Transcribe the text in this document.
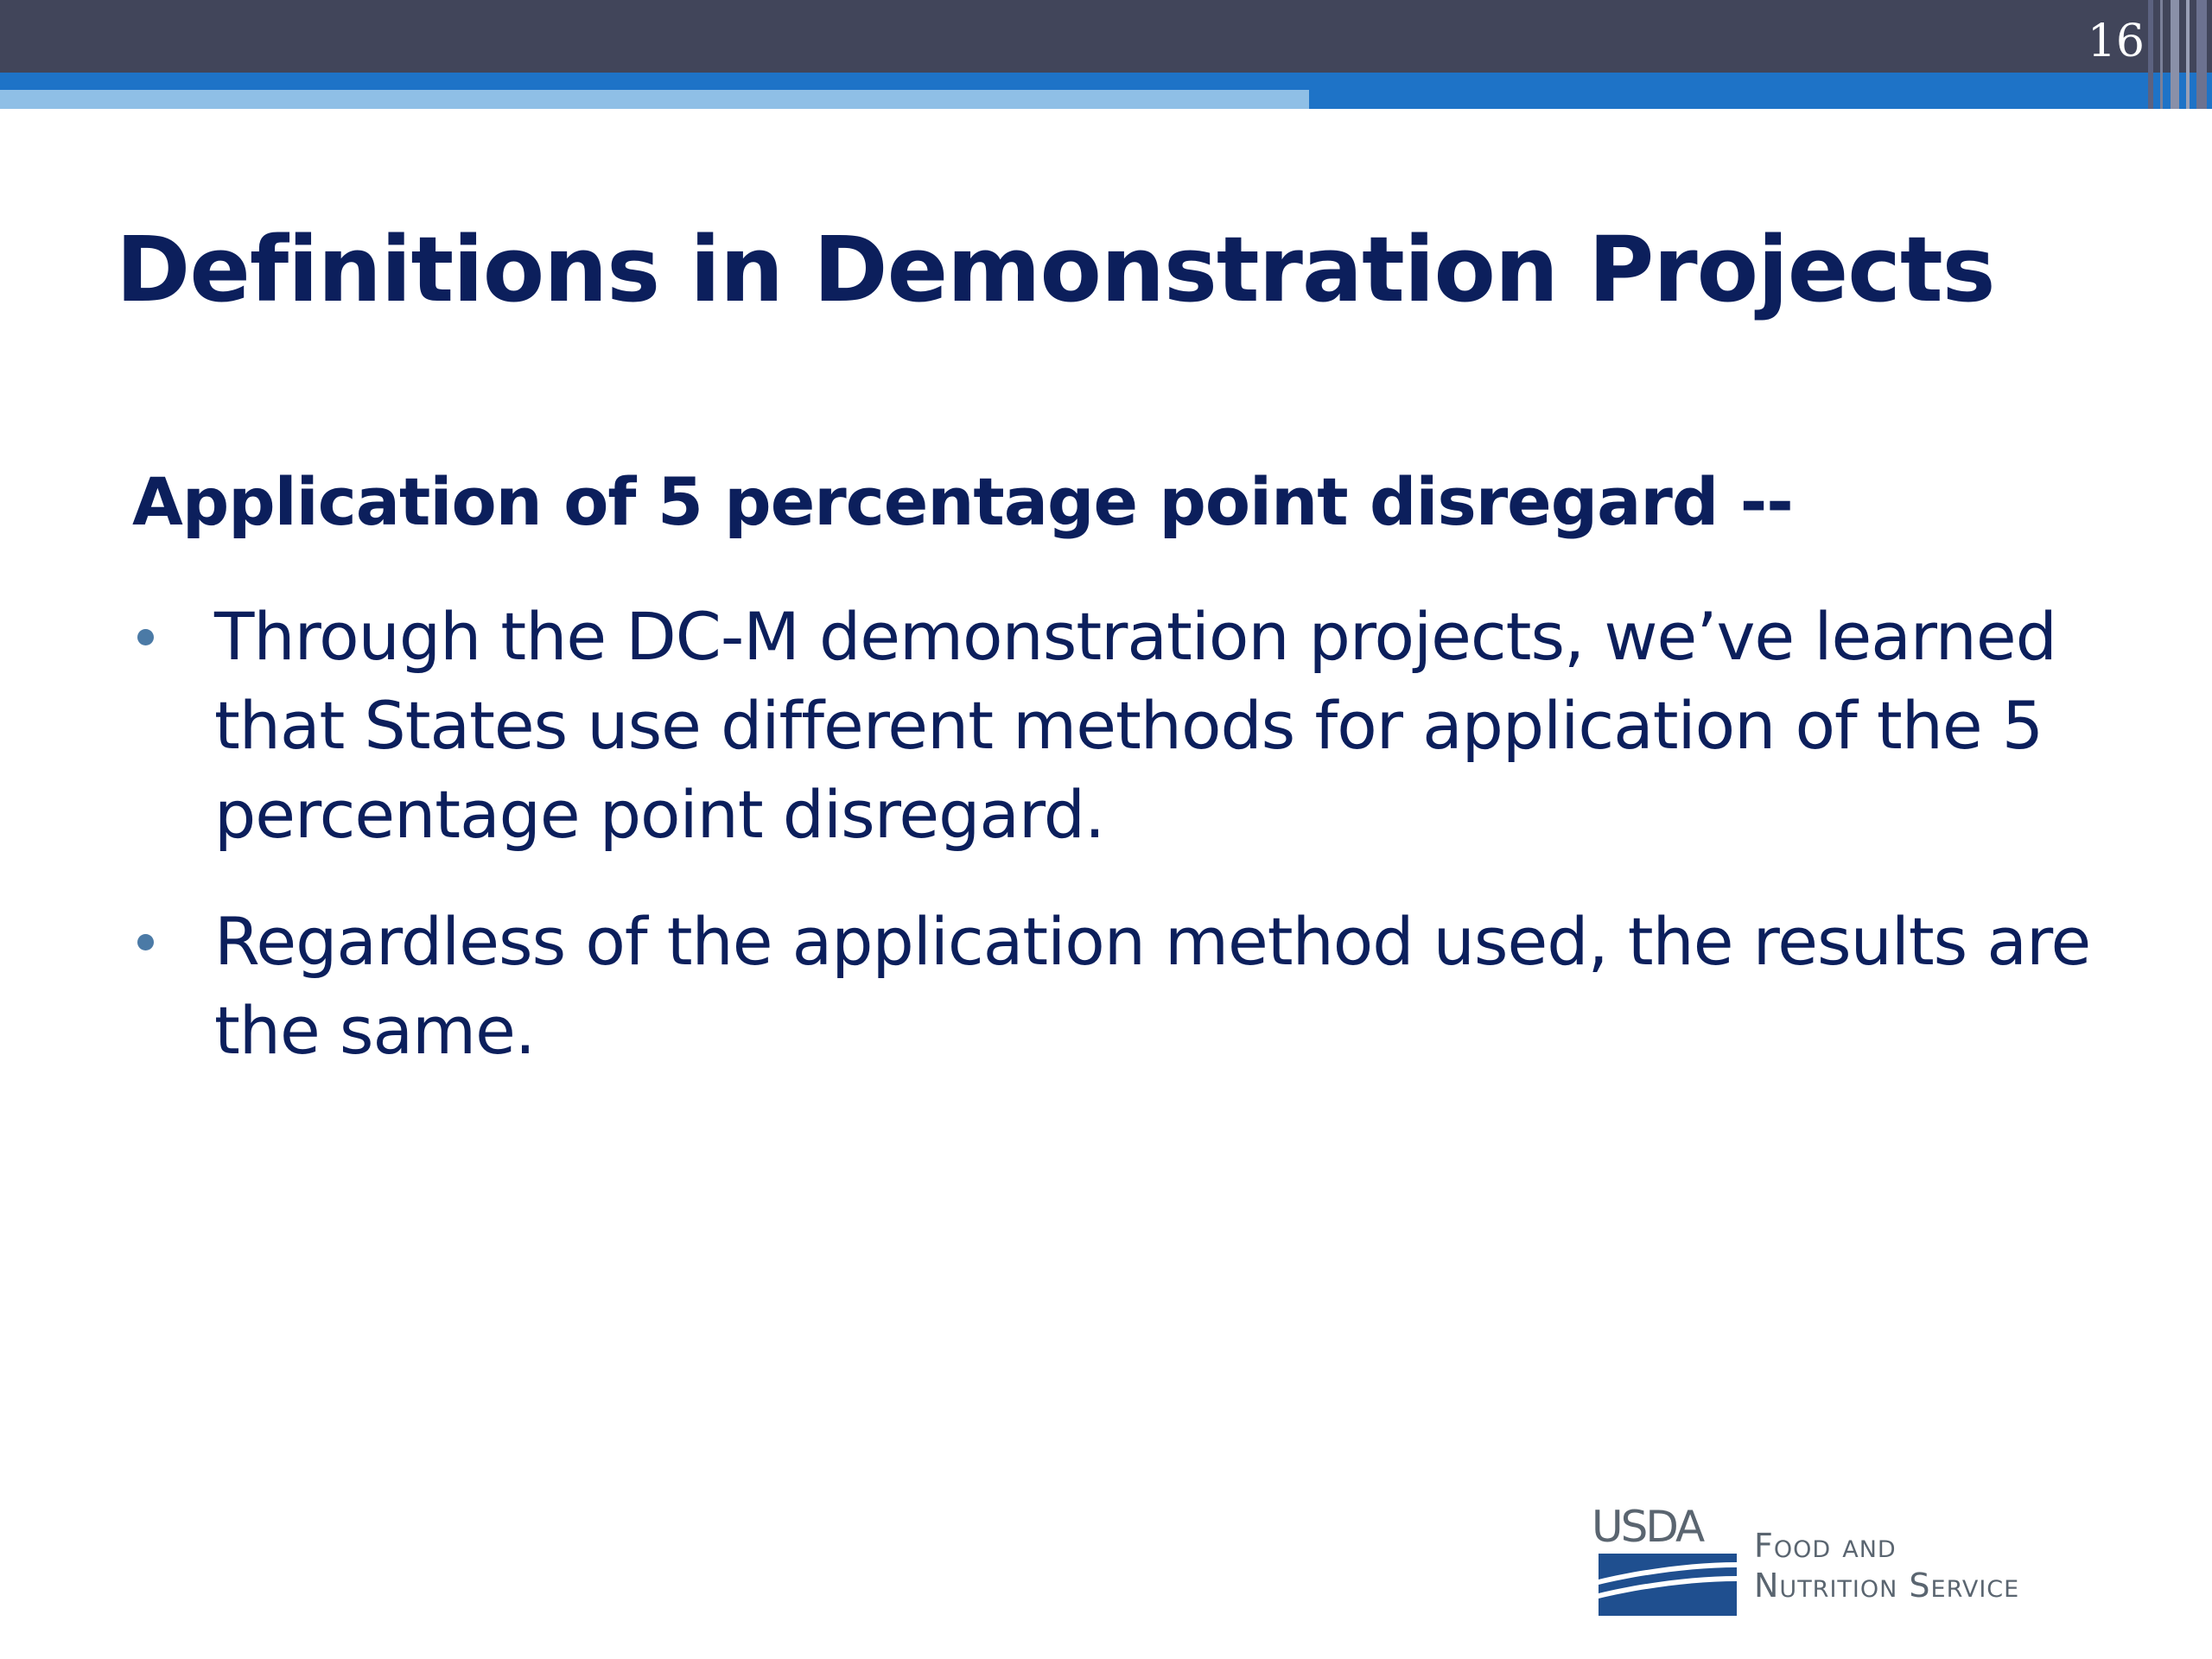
16
Definitions in Demonstration Projects
Application of 5 percentage point disregard --
Through the DC-M demonstration projects, we’ve learned that States use different methods for application of the 5 percentage point disregard.
Regardless of the application method used, the results are the same.
USDA Food and
Nutrition Service
